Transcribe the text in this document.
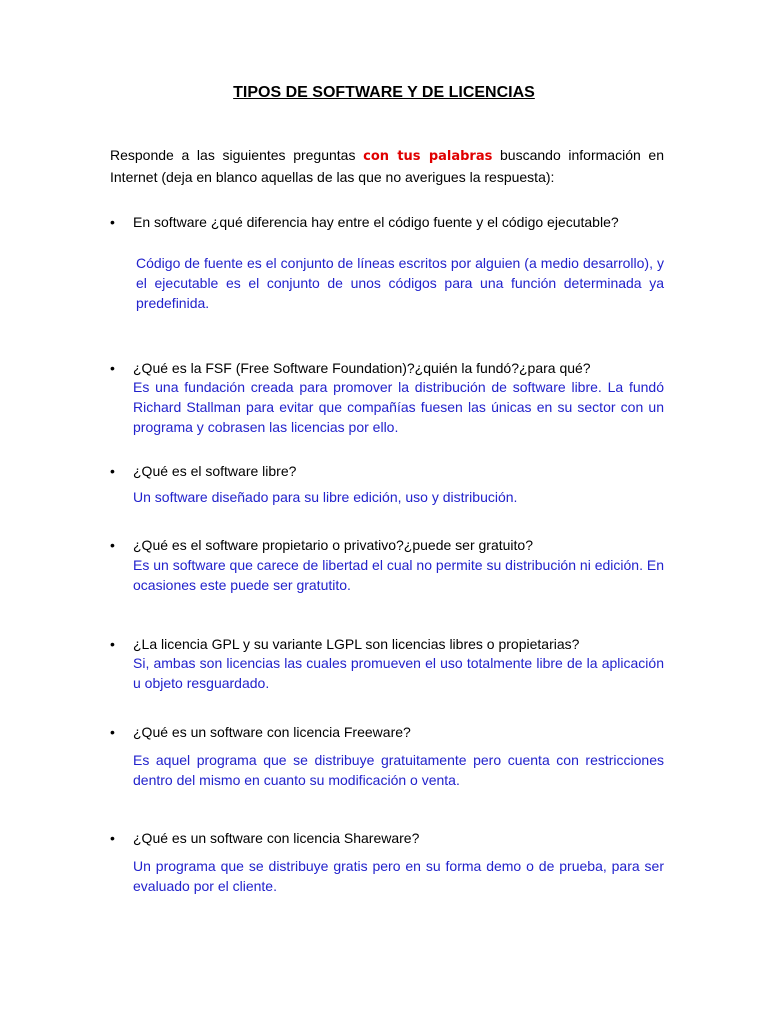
TIPOS DE SOFTWARE Y DE LICENCIAS
Responde a las siguientes preguntas con tus palabras buscando información en Internet (deja en blanco aquellas de las que no averigues la respuesta):
•	En software ¿qué diferencia hay entre el código fuente y el código ejecutable?
Código de fuente es el conjunto de líneas escritos por alguien (a medio desarrollo), y el ejecutable es el conjunto de unos códigos para una función determinada ya predefinida.
•	¿Qué es la FSF (Free Software Foundation)?¿quién la fundó?¿para qué?
Es una fundación creada para promover la distribución de software libre. La fundó Richard Stallman para evitar que compañías fuesen las únicas en su sector con un programa y cobrasen las licencias por ello.
•	¿Qué es el software libre?
Un software diseñado para su libre edición, uso y distribución.
•	¿Qué es el software propietario o privativo?¿puede ser gratuito?
Es un software que carece de libertad el cual no permite su distribución ni edición. En ocasiones este puede ser gratutito.
•	¿La licencia GPL y su variante LGPL son licencias libres o propietarias?
Si, ambas son licencias las cuales promueven el uso totalmente libre de la aplicación u objeto resguardado.
•	¿Qué es un software con licencia Freeware?
Es aquel programa que se distribuye gratuitamente pero cuenta con restricciones dentro del mismo en cuanto su modificación o venta.
•	¿Qué es un software con licencia Shareware?
Un programa que se distribuye gratis pero en su forma demo o de prueba, para ser evaluado por el cliente.
